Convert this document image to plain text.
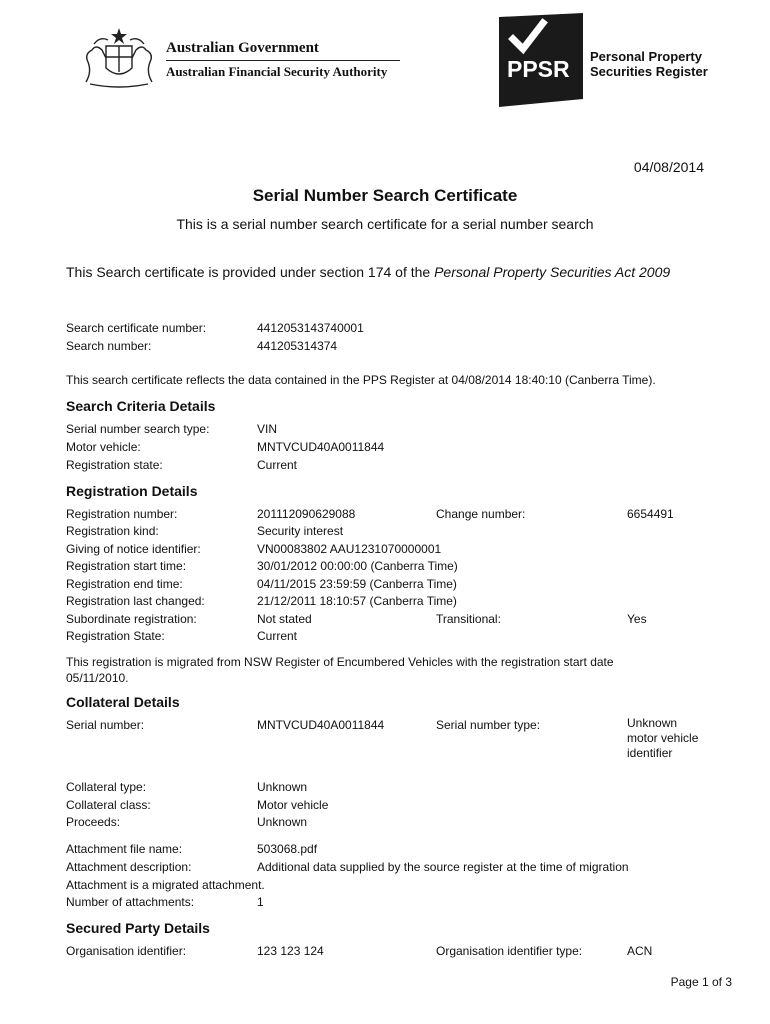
Australian Government
Australian Financial Security Authority	PPSR Personal Property
Securities Register
04/08/2014
Serial Number Search Certificate
This is a serial number search certificate for a serial number search
This Search certificate is provided under section 174 of the Personal Property Securities Act 2009
Search certificate number:	4412053143740001
Search number:	441205314374
This search certificate reflects the data contained in the PPS Register at 04/08/2014 18:40:10 (Canberra Time).
Search Criteria Details
Serial number search type:	VIN
Motor vehicle:	MNTVCUD40A0011844
Registration state:	Current
Registration Details
Registration number:	201112090629088	Change number:	6654491
Registration kind:	Security interest
Giving of notice identifier:	VN00083802 AAU1231070000001
Registration start time:	30/01/2012 00:00:00 (Canberra Time)
Registration end time:	04/11/2015 23:59:59 (Canberra Time)
Registration last changed:	21/12/2011 18:10:57 (Canberra Time)
Subordinate registration:	Not stated	Transitional:	Yes
Registration State:	Current
This registration is migrated from NSW Register of Encumbered Vehicles with the registration start date 05/11/2010.
Collateral Details
Serial number:	MNTVCUD40A0011844	Serial number type:	Unknown motor vehicle identifier
Collateral type:	Unknown
Collateral class:	Motor vehicle
Proceeds:	Unknown
Attachment file name:	503068.pdf
Attachment description:	Additional data supplied by the source register at the time of migration
Attachment is a migrated attachment.
Number of attachments:	1
Secured Party Details
Organisation identifier:	123 123 124	Organisation identifier type:	ACN
Page 1 of 3
